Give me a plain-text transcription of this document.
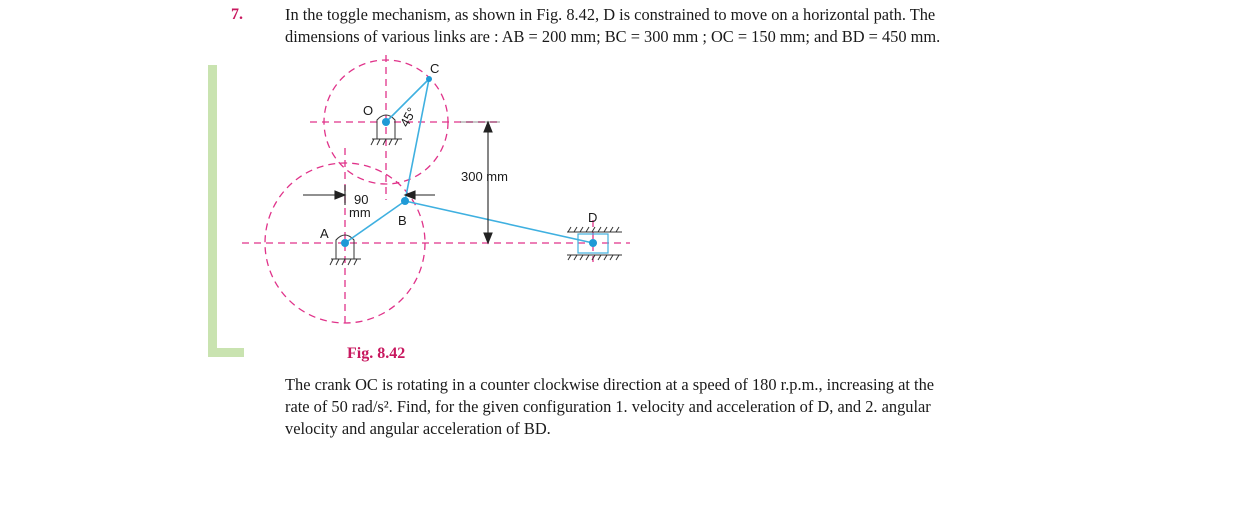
7.	In the toggle mechanism, as shown in Fig. 8.42, D is constrained to move on a horizontal path. The
dimensions of various links are : AB = 200 mm; BC = 300 mm ; OC = 150 mm; and BD = 450 mm.
C
O 45°
300 mm
90
mm
B
A
D
Fig. 8.42
The crank OC is rotating in a counter clockwise direction at a speed of 180 r.p.m., increasing at the
rate of 50 rad/s². Find, for the given configuration 1. velocity and acceleration of D, and 2. angular
velocity and angular acceleration of BD.
